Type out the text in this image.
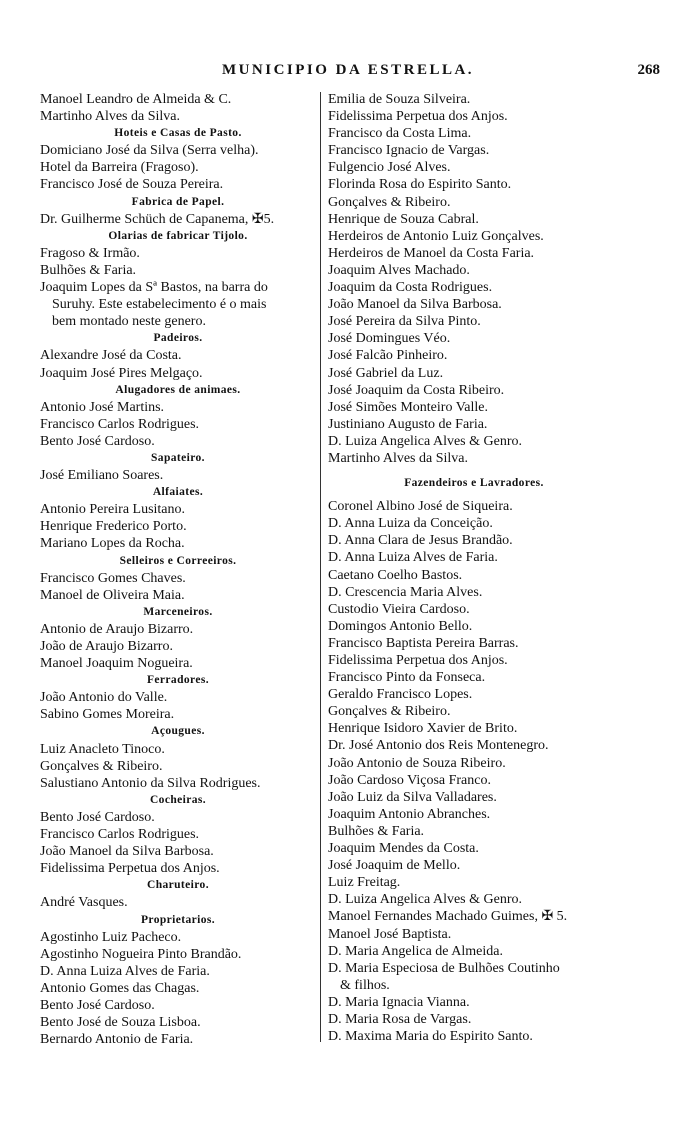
MUNICIPIO DA ESTRELLA.	268
Manoel Leandro de Almeida & C.
Martinho Alves da Silva.
Hoteis e Casas de Pasto.
Domiciano José da Silva (Serra velha).
Hotel da Barreira (Fragoso).
Francisco José de Souza Pereira.
Fabrica de Papel.
Dr. Guilherme Schüch de Capanema, ✠5.
Olarias de fabricar Tijolo.
Fragoso & Irmão.
Bulhões & Faria.
Joaquim Lopes da Sª Bastos, na barra do
Suruhy. Este estabelecimento é o mais
bem montado neste genero.
Padeiros.
Alexandre José da Costa.
Joaquim José Pires Melgaço.
Alugadores de animaes.
Antonio José Martins.
Francisco Carlos Rodrigues.
Bento José Cardoso.
Sapateiro.
José Emiliano Soares.
Alfaiates.
Antonio Pereira Lusitano.
Henrique Frederico Porto.
Mariano Lopes da Rocha.
Selleiros e Correeiros.
Francisco Gomes Chaves.
Manoel de Oliveira Maia.
Marceneiros.
Antonio de Araujo Bizarro.
João de Araujo Bizarro.
Manoel Joaquim Nogueira.
Ferradores.
João Antonio do Valle.
Sabino Gomes Moreira.
Açougues.
Luiz Anacleto Tinoco.
Gonçalves & Ribeiro.
Salustiano Antonio da Silva Rodrigues.
Cocheiras.
Bento José Cardoso.
Francisco Carlos Rodrigues.
João Manoel da Silva Barbosa.
Fidelissima Perpetua dos Anjos.
Charuteiro.
André Vasques.
Proprietarios.
Agostinho Luiz Pacheco.
Agostinho Nogueira Pinto Brandão.
D. Anna Luiza Alves de Faria.
Antonio Gomes das Chagas.
Bento José Cardoso.
Bento José de Souza Lisboa.
Bernardo Antonio de Faria.
Emilia de Souza Silveira.
Fidelissima Perpetua dos Anjos.
Francisco da Costa Lima.
Francisco Ignacio de Vargas.
Fulgencio José Alves.
Florinda Rosa do Espirito Santo.
Gonçalves & Ribeiro.
Henrique de Souza Cabral.
Herdeiros de Antonio Luiz Gonçalves.
Herdeiros de Manoel da Costa Faria.
Joaquim Alves Machado.
Joaquim da Costa Rodrigues.
João Manoel da Silva Barbosa.
José Pereira da Silva Pinto.
José Domingues Véo.
José Falcão Pinheiro.
José Gabriel da Luz.
José Joaquim da Costa Ribeiro.
José Simões Monteiro Valle.
Justiniano Augusto de Faria.
D. Luiza Angelica Alves & Genro.
Martinho Alves da Silva.
Fazendeiros e Lavradores.
Coronel Albino José de Siqueira.
D. Anna Luiza da Conceição.
D. Anna Clara de Jesus Brandão.
D. Anna Luiza Alves de Faria.
Caetano Coelho Bastos.
D. Crescencia Maria Alves.
Custodio Vieira Cardoso.
Domingos Antonio Bello.
Francisco Baptista Pereira Barras.
Fidelissima Perpetua dos Anjos.
Francisco Pinto da Fonseca.
Geraldo Francisco Lopes.
Gonçalves & Ribeiro.
Henrique Isidoro Xavier de Brito.
Dr. José Antonio dos Reis Montenegro.
João Antonio de Souza Ribeiro.
João Cardoso Viçosa Franco.
João Luiz da Silva Valladares.
Joaquim Antonio Abranches.
Bulhões & Faria.
Joaquim Mendes da Costa.
José Joaquim de Mello.
Luiz Freitag.
D. Luiza Angelica Alves & Genro.
Manoel Fernandes Machado Guimes, ✠ 5.
Manoel José Baptista.
D. Maria Angelica de Almeida.
D. Maria Especiosa de Bulhões Coutinho
& filhos.
D. Maria Ignacia Vianna.
D. Maria Rosa de Vargas.
D. Maxima Maria do Espirito Santo.
